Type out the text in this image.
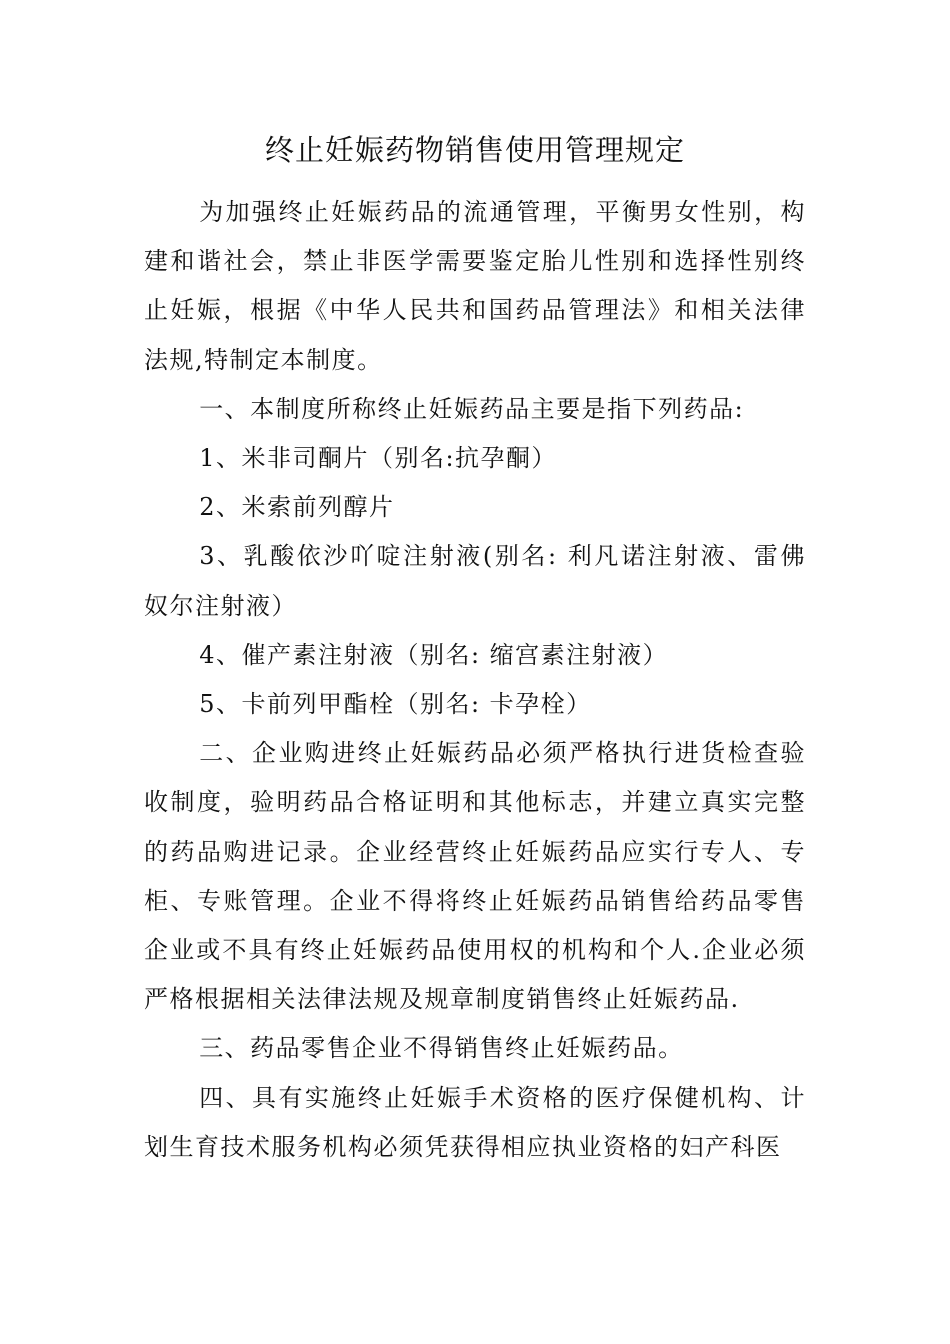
终止妊娠药物销售使用管理规定

为加强终止妊娠药品的流通管理，平衡男女性别，构建和谐社会，禁止非医学需要鉴定胎儿性别和选择性别终止妊娠，根据《中华人民共和国药品管理法》和相关法律法规,特制定本制度。

一、本制度所称终止妊娠药品主要是指下列药品:

1、米非司酮片（别名:抗孕酮）

2、米索前列醇片

3、乳酸依沙吖啶注射液(别名: 利凡诺注射液、雷佛奴尔注射液）

4、催产素注射液（别名: 缩宫素注射液）

5、卡前列甲酯栓（别名: 卡孕栓）

二、企业购进终止妊娠药品必须严格执行进货检查验收制度，验明药品合格证明和其他标志，并建立真实完整的药品购进记录。企业经营终止妊娠药品应实行专人、专柜、专账管理。企业不得将终止妊娠药品销售给药品零售企业或不具有终止妊娠药品使用权的机构和个人.企业必须严格根据相关法律法规及规章制度销售终止妊娠药品.

三、药品零售企业不得销售终止妊娠药品。

四、具有实施终止妊娠手术资格的医疗保健机构、计划生育技术服务机构必须凭获得相应执业资格的妇产科医
